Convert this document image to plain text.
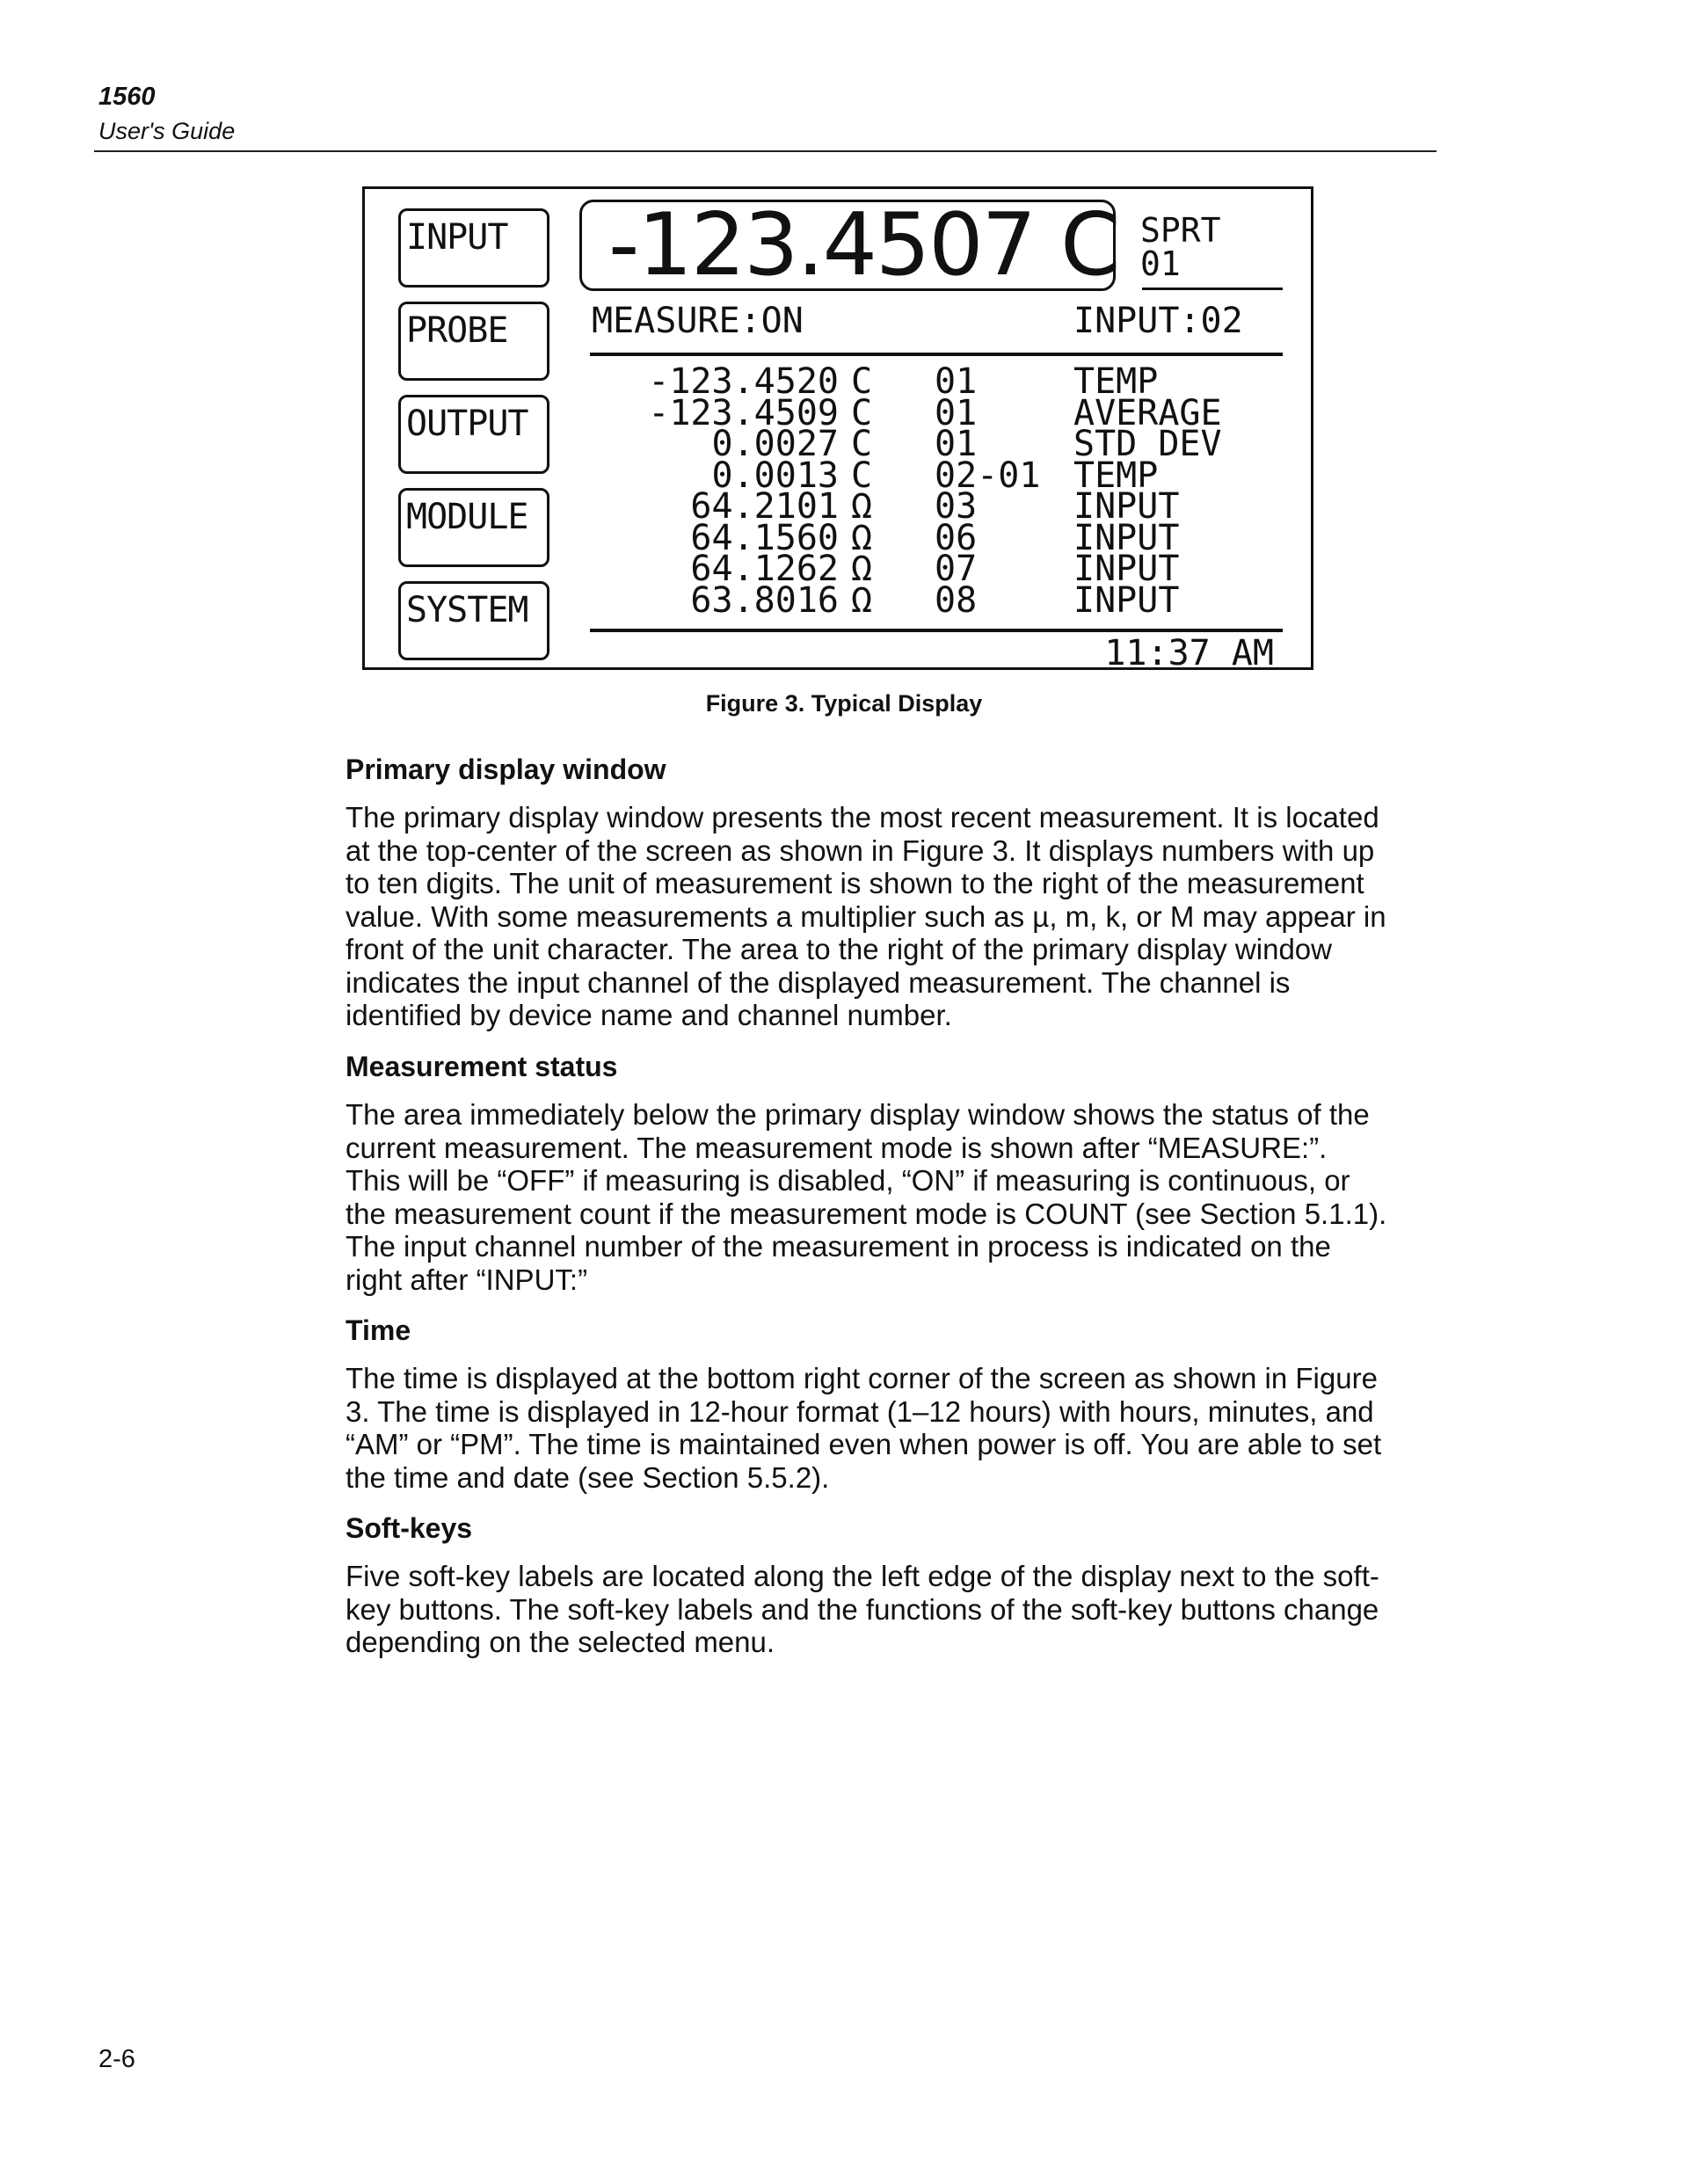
1560
User's Guide
INPUT
PROBE
OUTPUT
MODULE
SYSTEM
-123.4507 C SPRT
01
MEASURE:ON	INPUT:02
-123.4520 C 01	TEMP
-123.4509 C 01	AVERAGE
0.0027 C 01	STD DEV
0.0013 C 02-01 TEMP
64.2101 Ω 03	INPUT
64.1560 Ω 06	INPUT
64.1262 Ω 07	INPUT
63.8016 Ω 08	INPUT
11:37 AM
Figure 3. Typical Display
Primary display window
The primary display window presents the most recent measurement. It is located
at the top-center of the screen as shown in Figure 3. It displays numbers with up
to ten digits. The unit of measurement is shown to the right of the measurement
value. With some measurements a multiplier such as µ, m, k, or M may appear in
front of the unit character. The area to the right of the primary display window
indicates the input channel of the displayed measurement. The channel is
identified by device name and channel number.
Measurement status
The area immediately below the primary display window shows the status of the
current measurement. The measurement mode is shown after “MEASURE:”.
This will be “OFF” if measuring is disabled, “ON” if measuring is continuous, or
the measurement count if the measurement mode is COUNT (see Section 5.1.1).
The input channel number of the measurement in process is indicated on the
right after “INPUT:”
Time
The time is displayed at the bottom right corner of the screen as shown in Figure
3. The time is displayed in 12-hour format (1–12 hours) with hours, minutes, and
“AM” or “PM”. The time is maintained even when power is off. You are able to set
the time and date (see Section 5.5.2).
Soft-keys
Five soft-key labels are located along the left edge of the display next to the soft-
key buttons. The soft-key labels and the functions of the soft-key buttons change
depending on the selected menu.
2-6
